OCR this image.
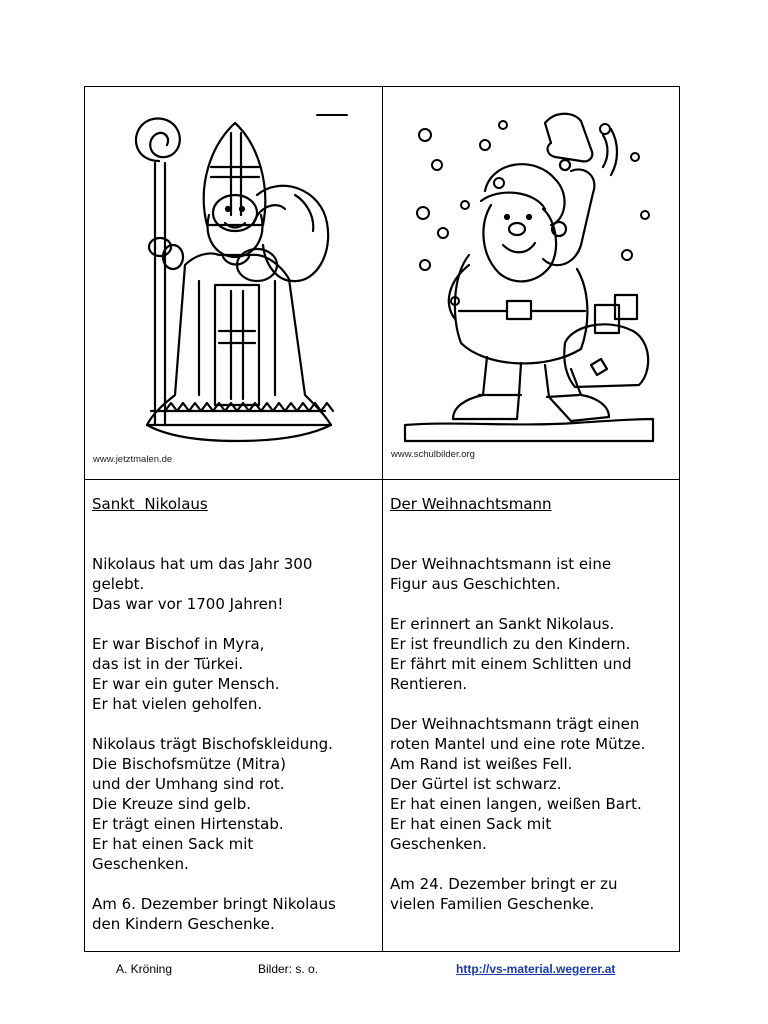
www.jetztmalen.de	www.schulbilder.org

Sankt  Nikolaus

Nikolaus hat um das Jahr 300
gelebt.
Das war vor 1700 Jahren!
Er war Bischof in Myra,
das ist in der Türkei.
Er war ein guter Mensch.
Er hat vielen geholfen.
Nikolaus trägt Bischofskleidung.
Die Bischofsmütze (Mitra)
und der Umhang sind rot.
Die Kreuze sind gelb.
Er trägt einen Hirtenstab.
Er hat einen Sack mit
Geschenken.
Am 6. Dezember bringt Nikolaus
den Kindern Geschenke.

Der Weihnachtsmann

Der Weihnachtsmann ist eine
Figur aus Geschichten.
Er erinnert an Sankt Nikolaus.
Er ist freundlich zu den Kindern.
Er fährt mit einem Schlitten und
Rentieren.
Der Weihnachtsmann trägt einen
roten Mantel und eine rote Mütze.
Am Rand ist weißes Fell.
Der Gürtel ist schwarz.
Er hat einen langen, weißen Bart.
Er hat einen Sack mit
Geschenken.
Am 24. Dezember bringt er zu
vielen Familien Geschenke.
A. Kröning	Bilder: s. o.	http://vs-material.wegerer.at
